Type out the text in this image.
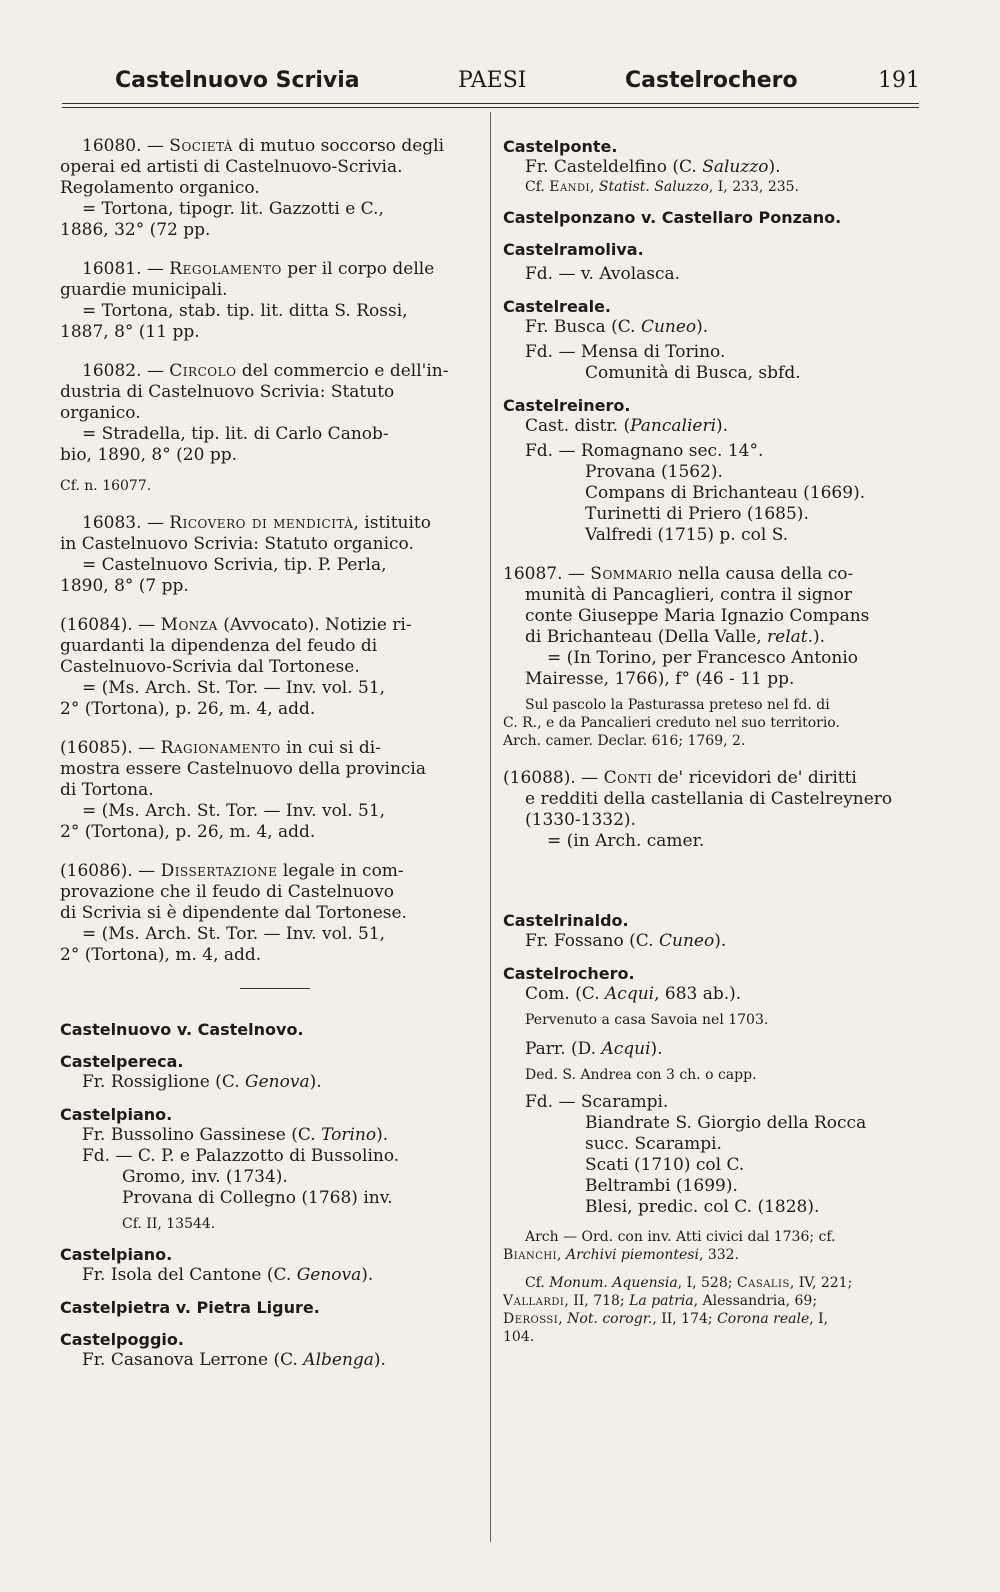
Castelnuovo Scrivia	PAESI	Castelrochero	191

16080. — Società di mutuo soccorso degli

operai ed artisti di Castelnuovo-Scrivia.

Regolamento organico.

= Tortona, tipogr. lit. Gazzotti e C.,

1886, 32° (72 pp.

16081. — Regolamento per il corpo delle

guardie municipali.

= Tortona, stab. tip. lit. ditta S. Rossi,

1887, 8° (11 pp.

16082. — Circolo del commercio e dell'in-

dustria di Castelnuovo Scrivia: Statuto

organico.

= Stradella, tip. lit. di Carlo Canob-

bio, 1890, 8° (20 pp.

Cf. n. 16077.

16083. — Ricovero di mendicità, istituito

in Castelnuovo Scrivia: Statuto organico.

= Castelnuovo Scrivia, tip. P. Perla,

1890, 8° (7 pp.

(16084). — Monza (Avvocato). Notizie ri-

guardanti la dipendenza del feudo di

Castelnuovo-Scrivia dal Tortonese.

= (Ms. Arch. St. Tor. — Inv. vol. 51,

2° (Tortona), p. 26, m. 4, add.

(16085). — Ragionamento in cui si di-

mostra essere Castelnuovo della provincia

di Tortona.

= (Ms. Arch. St. Tor. — Inv. vol. 51,

2° (Tortona), p. 26, m. 4, add.

(16086). — Dissertazione legale in com-

provazione che il feudo di Castelnuovo

di Scrivia si è dipendente dal Tortonese.

= (Ms. Arch. St. Tor. — Inv. vol. 51,

2° (Tortona), m. 4, add.

Castelnuovo v. Castelnovo.

Castelpereca.

Fr. Rossiglione (C. Genova).

Castelpiano.

Fr. Bussolino Gassinese (C. Torino).

Fd. — C. P. e Palazzotto di Bussolino.

Gromo, inv. (1734).

Provana di Collegno (1768) inv.

Cf. II, 13544.

Castelpiano.

Fr. Isola del Cantone (C. Genova).

Castelpietra v. Pietra Ligure.

Castelpoggio.

Fr. Casanova Lerrone (C. Albenga).

Castelponte.

Fr. Casteldelfino (C. Saluzzo).

Cf. Eandi, Statist. Saluzzo, I, 233, 235.

Castelponzano v. Castellaro Ponzano.

Castelramoliva.

Fd. — v. Avolasca.

Castelreale.

Fr. Busca (C. Cuneo).

Fd. — Mensa di Torino.

Comunità di Busca, sbfd.

Castelreinero.

Cast. distr. (Pancalieri).

Fd. — Romagnano sec. 14°.

Provana (1562).

Compans di Brichanteau (1669).

Turinetti di Priero (1685).

Valfredi (1715) p. col S.

16087. — Sommario nella causa della co-

munità di Pancaglieri, contra il signor

conte Giuseppe Maria Ignazio Compans

di Brichanteau (Della Valle, relat.).

= (In Torino, per Francesco Antonio

Mairesse, 1766), f° (46 - 11 pp.

Sul pascolo la Pasturassa preteso nel fd. di

C. R., e da Pancalieri creduto nel suo territorio.

Arch. camer. Declar. 616; 1769, 2.

(16088). — Conti de' ricevidori de' diritti

e redditi della castellania di Castelreynero

(1330-1332).

= (in Arch. camer.

Castelrinaldo.

Fr. Fossano (C. Cuneo).

Castelrochero.

Com. (C. Acqui, 683 ab.).

Pervenuto a casa Savoia nel 1703.

Parr. (D. Acqui).

Ded. S. Andrea con 3 ch. o capp.

Fd. — Scarampi.

Biandrate S. Giorgio della Rocca

succ. Scarampi.

Scati (1710) col C.

Beltrambi (1699).

Blesi, predic. col C. (1828).

Arch — Ord. con inv. Atti civici dal 1736; cf.

Bianchi, Archivi piemontesi, 332.

Cf. Monum. Aquensia, I, 528; Casalis, IV, 221;

Vallardi, II, 718; La patria, Alessandria, 69;

Derossi, Not. corogr., II, 174; Corona reale, I,

104.
